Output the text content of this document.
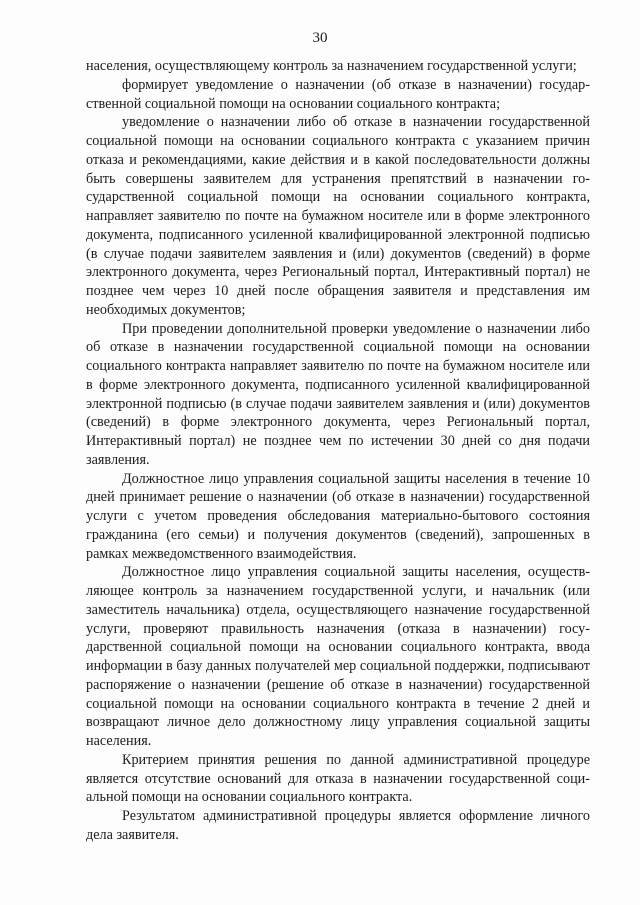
30

населения, осуществляющему контроль за назначением государственной услуги;

формирует уведомление о назначении (об отказе в назначении) государственной социальной помощи на основании социального контракта;

уведомление о назначении либо об отказе в назначении государственной социальной помощи на основании социального контракта с указанием причин отказа и рекомендациями, какие действия и в какой последовательности должны быть совершены заявителем для устранения препятствий в назначении государственной социальной помощи на основании социального контракта, направляет заявителю по почте на бумажном носителе или в форме электронного документа, подписанного усиленной квалифицированной электронной подписью (в случае подачи заявителем заявления и (или) документов (сведений) в форме электронного документа, через Региональный портал, Интерактивный портал) не позднее чем через 10 дней после обращения заявителя и представления им необходимых документов;

При проведении дополнительной проверки уведомление о назначении либо об отказе в назначении государственной социальной помощи на основании социального контракта направляет заявителю по почте на бумажном носителе или в форме электронного документа, подписанного усиленной квалифицированной электронной подписью (в случае подачи заявителем заявления и (или) документов (сведений) в форме электронного документа, через Региональный портал, Интерактивный портал) не позднее чем по истечении 30 дней со дня подачи заявления.

Должностное лицо управления социальной защиты населения в течение 10 дней принимает решение о назначении (об отказе в назначении) государственной услуги с учетом проведения обследования материально-бытового состояния гражданина (его семьи) и получения документов (сведений), запрошенных в рамках межведомственного взаимодействия.

Должностное лицо управления социальной защиты населения, осуществляющее контроль за назначением государственной услуги, и начальник (или заместитель начальника) отдела, осуществляющего назначение государственной услуги, проверяют правильность назначения (отказа в назначении) государственной социальной помощи на основании социального контракта, ввода информации в базу данных получателей мер социальной поддержки, подписывают распоряжение о назначении (решение об отказе в назначении) государственной социальной помощи на основании социального контракта в течение 2 дней и возвращают личное дело должностному лицу управления социальной защиты населения.

Критерием принятия решения по данной административной процедуре является отсутствие оснований для отказа в назначении государственной социальной помощи на основании социального контракта.

Результатом административной процедуры является оформление личного дела заявителя.
